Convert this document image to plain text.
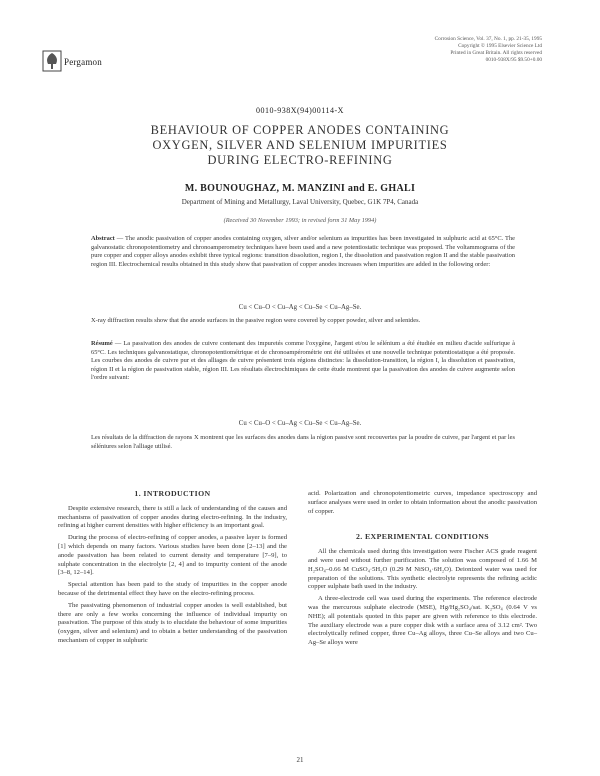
Pergamon
Corrosion Science, Vol. 37, No. 1, pp. 21-35, 1995
Copyright © 1995 Elsevier Science Ltd
Printed in Great Britain. All rights reserved
0010-938X/95 $9.50+0.00
0010-938X(94)00114-X
BEHAVIOUR OF COPPER ANODES CONTAINING
OXYGEN, SILVER AND SELENIUM IMPURITIES
DURING ELECTRO-REFINING
M. BOUNOUGHAZ, M. MANZINI and E. GHALI
Department of Mining and Metallurgy, Laval University, Quebec, G1K 7P4, Canada
(Received 30 November 1993; in revised form 31 May 1994)
Abstract — The anodic passivation of copper anodes containing oxygen, silver and/or selenium as impurities has been investigated in sulphuric acid at 65°C. The galvanostatic chronopotentiometry and chronoamperometry techniques have been used and a new potentiostatic technique was proposed. The voltammograms of the pure copper and copper alloys anodes exhibit three typical regions: transition dissolution, region I, the dissolution and passivation region II and the stable passivation region III. Electrochemical results obtained in this study show that passivation of copper anodes increases when impurities are added in the following order:
Cu < Cu–O < Cu–Ag < Cu–Se < Cu–Ag–Se.
X-ray diffraction results show that the anode surfaces in the passive region were covered by copper powder, silver and selenides.
Résumé — La passivation des anodes de cuivre contenant des impuretés comme l'oxygène, l'argent et/ou le sélénium a été étudiée en milieu d'acide sulfurique à 65°C. Les techniques galvanostatique, chronopotentiométrique et de chronoampérométrie ont été utilisées et une nouvelle technique potentiostatique a été proposée. Les courbes des anodes de cuivre pur et des alliages de cuivre présentent trois régions distinctes: la dissolution-transition, la région I, la dissolution et passivation, région II et la région de passivation stable, région III. Les résultats électrochimiques de cette étude montrent que la passivation des anodes de cuivre augmente selon l'ordre suivant:
Cu < Cu–O < Cu–Ag < Cu–Se < Cu–Ag–Se.
Les résultats de la diffraction de rayons X montrent que les surfaces des anodes dans la région passive sont recouvertes par la poudre de cuivre, par l'argent et par les séléniures selon l'alliage utilisé.
1. INTRODUCTION

Despite extensive research, there is still a lack of understanding of the causes and mechanisms of passivation of copper anodes during electro-refining. In the industry, refining at higher current densities with higher efficiency is an important goal.

During the process of electro-refining of copper anodes, a passive layer is formed [1] which depends on many factors. Various studies have been done [2–13] and the anode passivation has been related to current density and temperature [7–9], to sulphate concentration in the electrolyte [2, 4] and to impurity content of the anode [3–8, 12–14].

Special attention has been paid to the study of impurities in the copper anode because of the detrimental effect they have on the electro-refining process.

The passivating phenomenon of industrial copper anodes is well established, but there are only a few works concerning the influence of individual impurity on passivation. The purpose of this study is to elucidate the behaviour of some impurities (oxygen, silver and selenium) and to obtain a better understanding of the passivation mechanism of copper in sulphuric

acid. Polarization and chronopotentiometric curves, impedance spectroscopy and surface analyses were used in order to obtain information about the anodic passivation of copper.

2. EXPERIMENTAL CONDITIONS

All the chemicals used during this investigation were Fischer ACS grade reagent and were used without further purification. The solution was composed of 1.66 M H₂SO₄–0.66 M CuSO₄·5H₂O (0.29 M NiSO₄·6H₂O). Deionized water was used for preparation of the solutions. This synthetic electrolyte represents the refining acidic copper sulphate bath used in the industry.

A three-electrode cell was used during the experiments. The reference electrode was the mercurous sulphate electrode (MSE), Hg/Hg₂SO₄/sat. K₂SO₄ (0.64 V vs NHE); all potentials quoted in this paper are given with reference to this electrode. The auxiliary electrode was a pure copper disk with a surface area of 3.12 cm². Two electrolytically refined copper, three Cu–Ag alloys, three Cu–Se alloys and two Cu–Ag–Se alloys were

21
